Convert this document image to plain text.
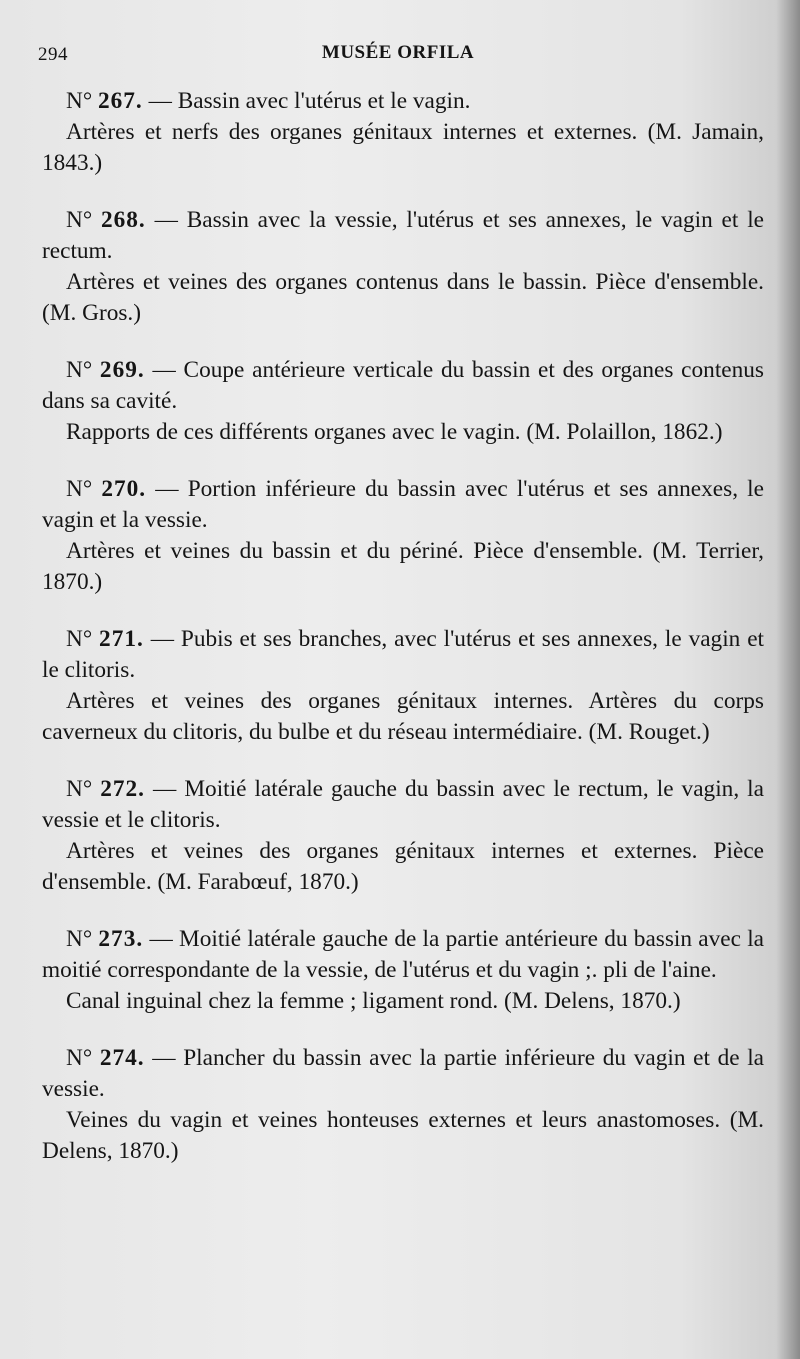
294	MUSÉE ORFILA

N° 267. — Bassin avec l'utérus et le vagin.

Artères et nerfs des organes génitaux internes et externes. (M. Jamain, 1843.)

N° 268. — Bassin avec la vessie, l'utérus et ses annexes, le vagin et le rectum.

Artères et veines des organes contenus dans le bassin. Pièce d'ensemble. (M. Gros.)

N° 269. — Coupe antérieure verticale du bassin et des organes contenus dans sa cavité.

Rapports de ces différents organes avec le vagin. (M. Polaillon, 1862.)

N° 270. — Portion inférieure du bassin avec l'utérus et ses annexes, le vagin et la vessie.

Artères et veines du bassin et du périné. Pièce d'ensemble. (M. Terrier, 1870.)

N° 271. — Pubis et ses branches, avec l'utérus et ses annexes, le vagin et le clitoris.

Artères et veines des organes génitaux internes. Artères du corps caverneux du clitoris, du bulbe et du réseau intermédiaire. (M. Rouget.)

N° 272. — Moitié latérale gauche du bassin avec le rectum, le vagin, la vessie et le clitoris.

Artères et veines des organes génitaux internes et externes. Pièce d'ensemble. (M. Farabœuf, 1870.)

N° 273. — Moitié latérale gauche de la partie antérieure du bassin avec la moitié correspondante de la vessie, de l'utérus et du vagin ;. pli de l'aine.

Canal inguinal chez la femme ; ligament rond. (M. Delens, 1870.)

N° 274. — Plancher du bassin avec la partie inférieure du vagin et de la vessie.

Veines du vagin et veines honteuses externes et leurs anastomoses. (M. Delens, 1870.)
